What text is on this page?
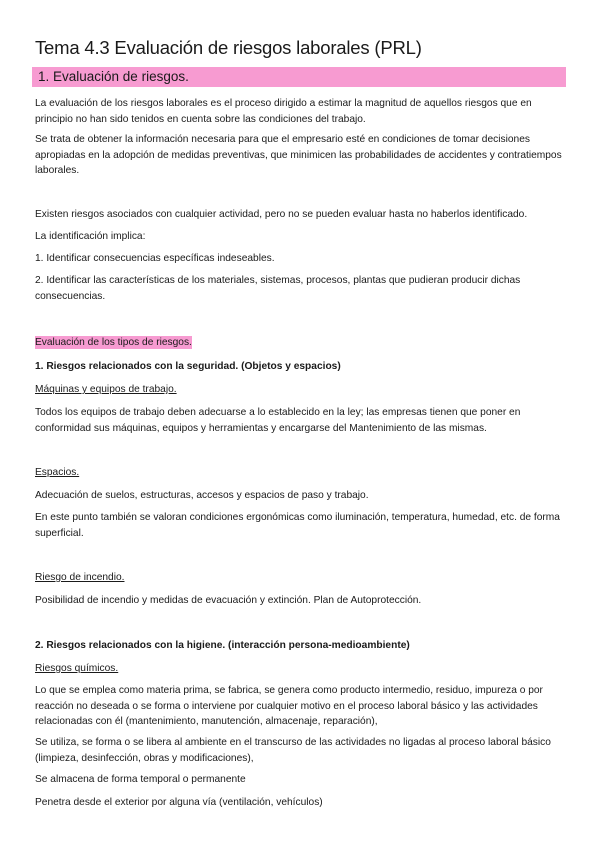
Tema 4.3 Evaluación de riesgos laborales (PRL)
1. Evaluación de riesgos.

La evaluación de los riesgos laborales es el proceso dirigido a estimar la magnitud de aquellos riesgos que en principio no han sido tenidos en cuenta sobre las condiciones del trabajo.

Se trata de obtener la información necesaria para que el empresario esté en condiciones de tomar decisiones apropiadas en la adopción de medidas preventivas, que minimicen las probabilidades de accidentes y contratiempos laborales.

Existen riesgos asociados con cualquier actividad, pero no se pueden evaluar hasta no haberlos identificado.

La identificación implica:

1. Identificar consecuencias específicas indeseables.

2. Identificar las características de los materiales, sistemas, procesos, plantas que pudieran producir dichas consecuencias.

Evaluación de los tipos de riesgos.

1. Riesgos relacionados con la seguridad. (Objetos y espacios)

Máquinas y equipos de trabajo.

Todos los equipos de trabajo deben adecuarse a lo establecido en la ley; las empresas tienen que poner en conformidad sus máquinas, equipos y herramientas y encargarse del Mantenimiento de las mismas.

Espacios.

Adecuación de suelos, estructuras, accesos y espacios de paso y trabajo.

En este punto también se valoran condiciones ergonómicas como iluminación, temperatura, humedad, etc. de forma superficial.

Riesgo de incendio.

Posibilidad de incendio y medidas de evacuación y extinción. Plan de Autoprotección.

2. Riesgos relacionados con la higiene. (interacción persona-medioambiente)

Riesgos químicos.

Lo que se emplea como materia prima, se fabrica, se genera como producto intermedio, residuo, impureza o por reacción no deseada o se forma o interviene por cualquier motivo en el proceso laboral básico y las actividades relacionadas con él (mantenimiento, manutención, almacenaje, reparación),

Se utiliza, se forma o se libera al ambiente en el transcurso de las actividades no ligadas al proceso laboral básico (limpieza, desinfección, obras y modificaciones),

Se almacena de forma temporal o permanente

Penetra desde el exterior por alguna vía (ventilación, vehículos)
